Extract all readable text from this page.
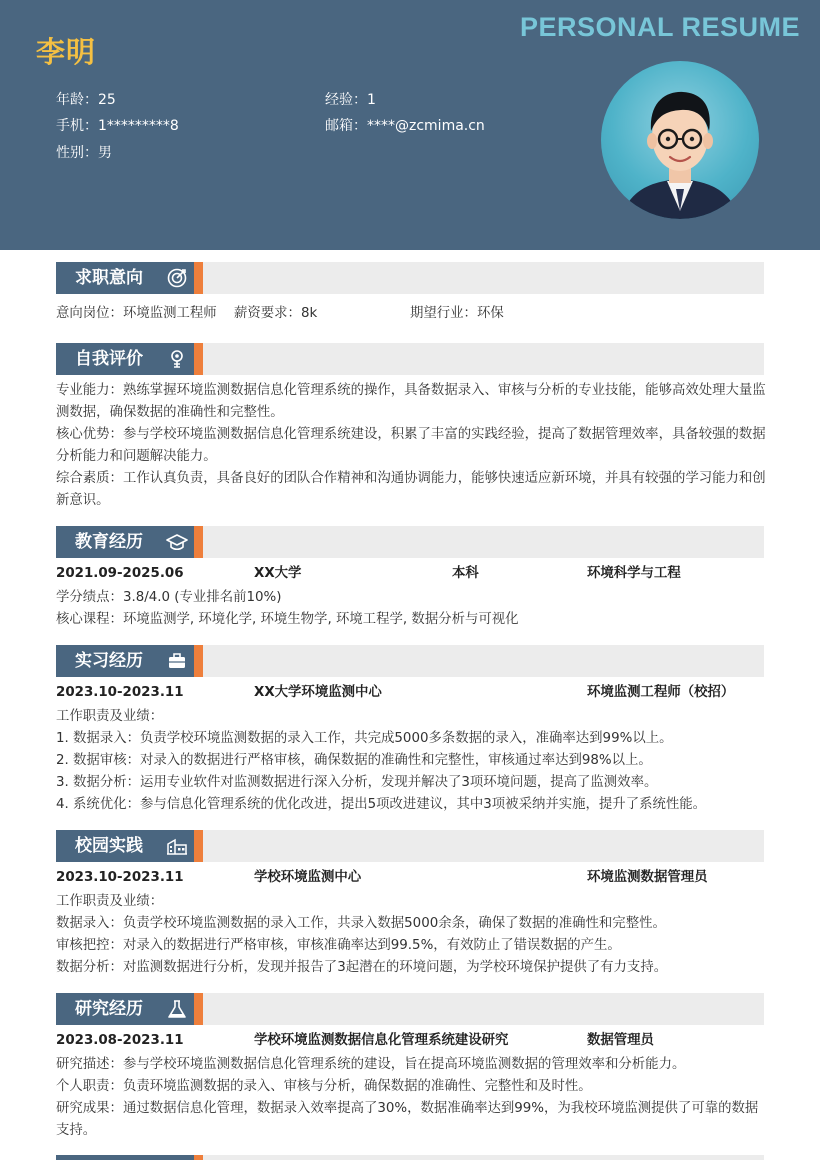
李明
PERSONAL RESUME
年龄：25	经验：1
手机：1*********8	邮箱：****@zcmima.cn
性别：男
求职意向
意向岗位：环境监测工程师 薪资要求：8k	期望行业：环保
自我评价
专业能力：熟练掌握环境监测数据信息化管理系统的操作，具备数据录入、审核与分析的专业技能，能够高效处理大量监测数据，确保数据的准确性和完整性。
核心优势：参与学校环境监测数据信息化管理系统建设，积累了丰富的实践经验，提高了数据管理效率，具备较强的数据分析能力和问题解决能力。
综合素质：工作认真负责，具备良好的团队合作精神和沟通协调能力，能够快速适应新环境，并具有较强的学习能力和创新意识。
教育经历
2021.09-2025.06	XX大学	本科	环境科学与工程
学分绩点：3.8/4.0 (专业排名前10%)
核心课程：环境监测学, 环境化学, 环境生物学, 环境工程学, 数据分析与可视化
实习经历
2023.10-2023.11	XX大学环境监测中心	环境监测工程师（校招）
工作职责及业绩：
1. 数据录入：负责学校环境监测数据的录入工作，共完成5000多条数据的录入，准确率达到99%以上。
2. 数据审核：对录入的数据进行严格审核，确保数据的准确性和完整性，审核通过率达到98%以上。
3. 数据分析：运用专业软件对监测数据进行深入分析，发现并解决了3项环境问题，提高了监测效率。
4. 系统优化：参与信息化管理系统的优化改进，提出5项改进建议，其中3项被采纳并实施，提升了系统性能。
校园实践
2023.10-2023.11	学校环境监测中心	环境监测数据管理员
工作职责及业绩：
数据录入：负责学校环境监测数据的录入工作，共录入数据5000余条，确保了数据的准确性和完整性。
审核把控：对录入的数据进行严格审核，审核准确率达到99.5%，有效防止了错误数据的产生。
数据分析：对监测数据进行分析，发现并报告了3起潜在的环境问题，为学校环境保护提供了有力支持。
研究经历
2023.08-2023.11	学校环境监测数据信息化管理系统建设研究	数据管理员
研究描述：参与学校环境监测数据信息化管理系统的建设，旨在提高环境监测数据的管理效率和分析能力。
个人职责：负责环境监测数据的录入、审核与分析，确保数据的准确性、完整性和及时性。
研究成果：通过数据信息化管理，数据录入效率提高了30%，数据准确率达到99%，为我校环境监测提供了可靠的数据支持。
